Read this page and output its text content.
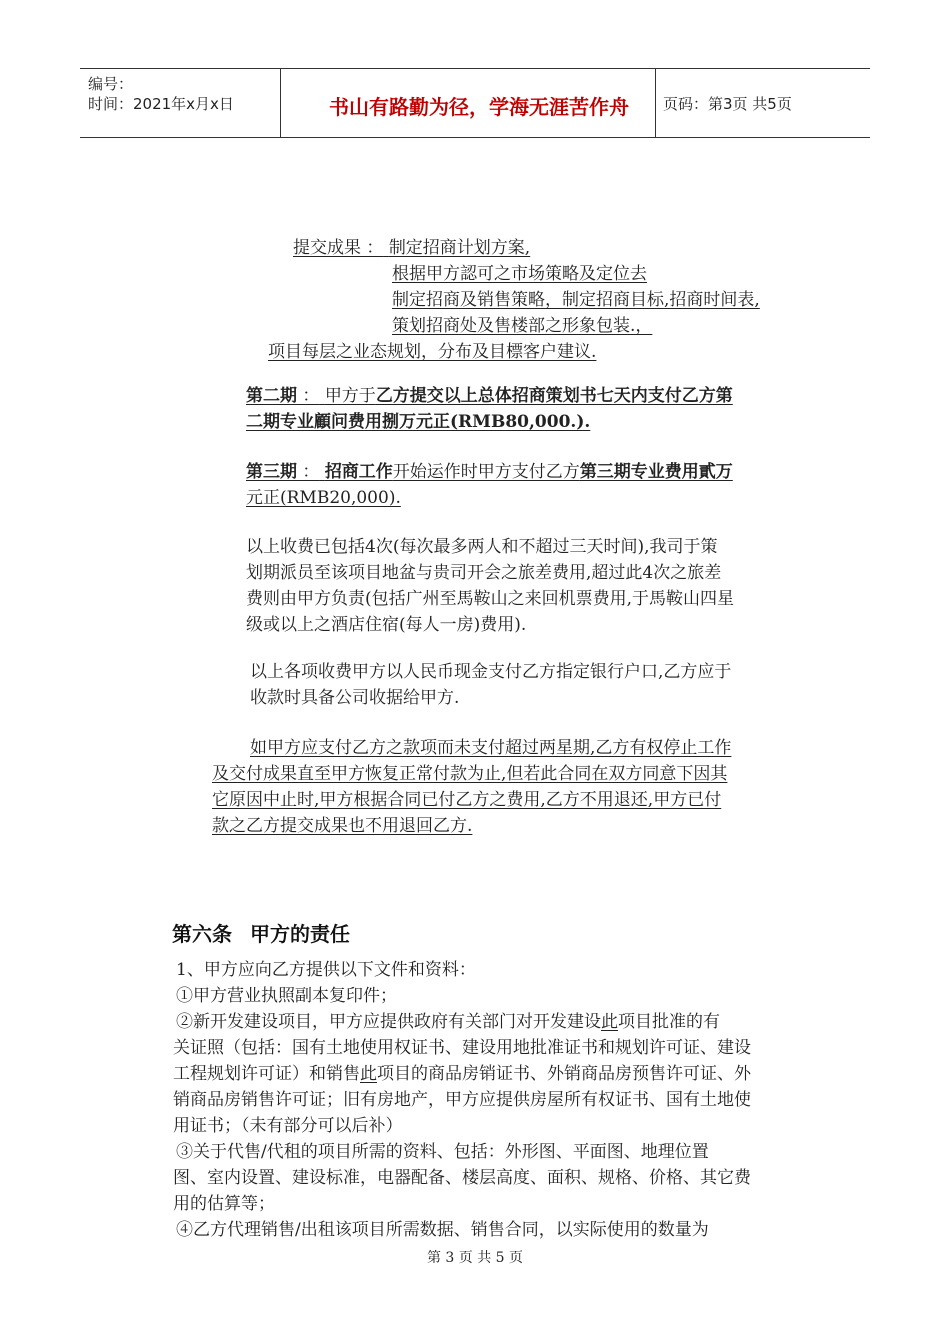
编号：
时间：2021年x月x日	书山有路勤为径，学海无涯苦作舟	页码：第3页 共5页
提交成果 ： 制定招商计划方案,
根据甲方認可之市场策略及定位去
制定招商及销售策略，制定招商目标,招商时间表,
策划招商处及售楼部之形象包装.，
项目每层之业态规划，分布及目標客户建议.
第二期 ： 甲方于乙方提交以上总体招商策划书七天内支付乙方第
二期专业顧问费用捌万元正(RMB80,000.).
第三期 ： 招商工作开始运作时甲方支付乙方第三期专业费用貳万
元正(RMB20,000).
以上收费已包括4次(每次最多两人和不超过三天时间),我司于策
划期派员至该项目地盆与贵司开会之旅差费用,超过此4次之旅差
费则由甲方负责(包括广州至馬鞍山之来回机票费用,于馬鞍山四星
级或以上之酒店住宿(每人一房)费用).
以上各项收费甲方以人民币现金支付乙方指定银行户口,乙方应于
收款时具备公司收据给甲方.
如甲方应支付乙方之款项而未支付超过两星期,乙方有权停止工作
及交付成果直至甲方恢复正常付款为止,但若此合同在双方同意下因其
它原因中止时,甲方根据合同已付乙方之费用,乙方不用退还,甲方已付
款之乙方提交成果也不用退回乙方.
第六条 甲方的责任
1、甲方应向乙方提供以下文件和资料：
①甲方营业执照副本复印件；
②新开发建设项目，甲方应提供政府有关部门对开发建设此项目批准的有
关证照（包括：国有土地使用权证书、建设用地批准证书和规划许可证、建设
工程规划许可证）和销售此项目的商品房销证书、外销商品房预售许可证、外
销商品房销售许可证；旧有房地产，甲方应提供房屋所有权证书、国有土地使
用证书；（未有部分可以后补）
③关于代售/代租的项目所需的资料、包括：外形图、平面图、地理位置
图、室内设置、建设标准，电器配备、楼层高度、面积、规格、价格、其它费
用的估算等；
④乙方代理销售/出租该项目所需数据、销售合同，以实际使用的数量为
第 3 页 共 5 页
